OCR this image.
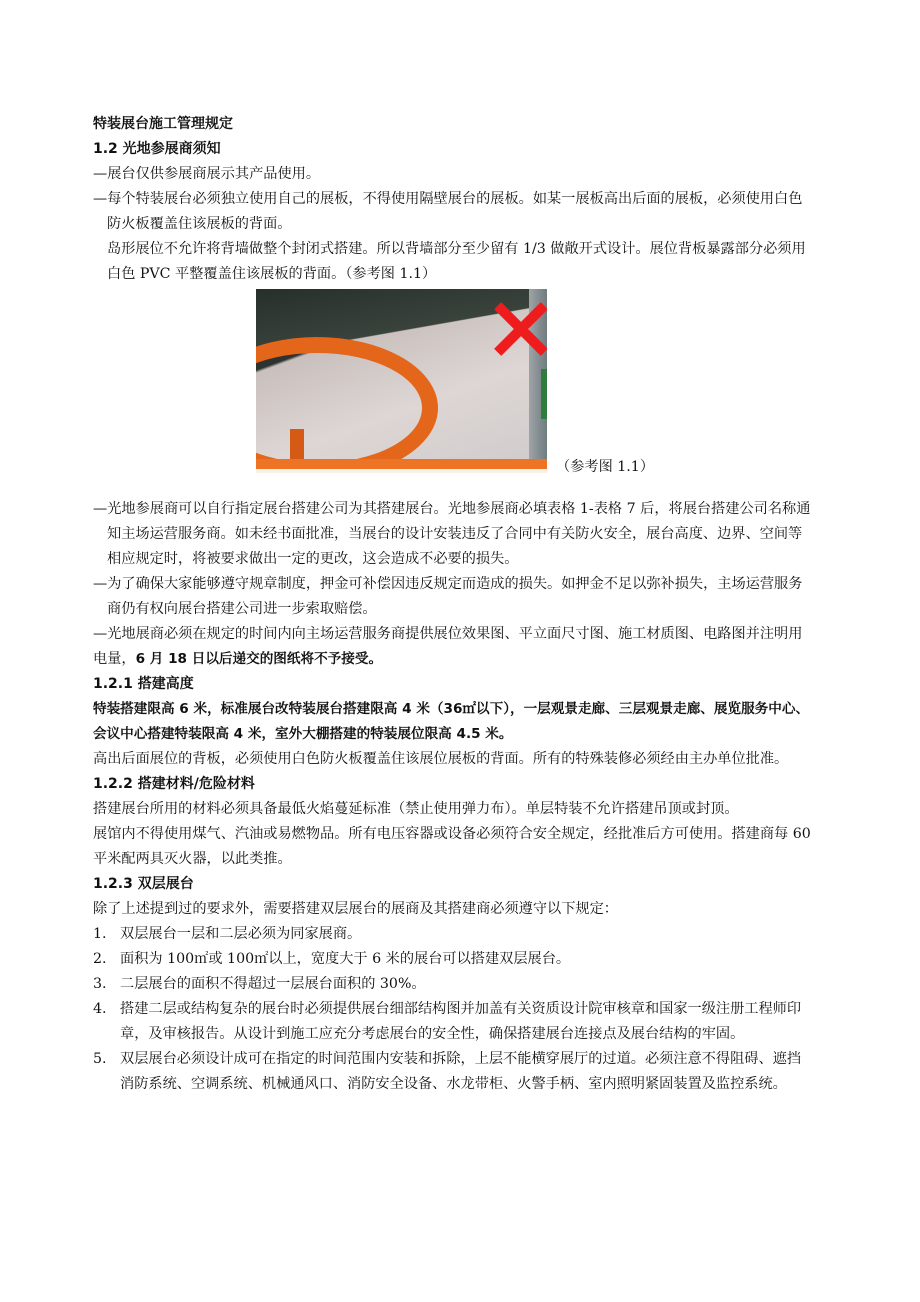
特装展台施工管理规定

1.2 光地参展商须知

—展台仅供参展商展示其产品使用。

—每个特装展台必须独立使用自己的展板，不得使用隔壁展台的展板。如某一展板高出后面的展板，必须使用白色防火板覆盖住该展板的背面。

岛形展位不允许将背墙做整个封闭式搭建。所以背墙部分至少留有 1/3 做敞开式设计。展位背板暴露部分必须用白色 PVC 平整覆盖住该展板的背面。（参考图 1.1）

（参考图 1.1）

—光地参展商可以自行指定展台搭建公司为其搭建展台。光地参展商必填表格 1-表格 7 后，将展台搭建公司名称通知主场运营服务商。如未经书面批准，当展台的设计安装违反了合同中有关防火安全，展台高度、边界、空间等相应规定时，将被要求做出一定的更改，这会造成不必要的损失。

—为了确保大家能够遵守规章制度，押金可补偿因违反规定而造成的损失。如押金不足以弥补损失，主场运营服务商仍有权向展台搭建公司进一步索取赔偿。

—光地展商必须在规定的时间内向主场运营服务商提供展位效果图、平立面尺寸图、施工材质图、电路图并注明用电量，6 月 18 日以后递交的图纸将不予接受。

1.2.1 搭建高度

特装搭建限高 6 米，标准展台改特装展台搭建限高 4 米（36㎡以下），一层观景走廊、三层观景走廊、展览服务中心、会议中心搭建特装限高 4 米，室外大棚搭建的特装展位限高 4.5 米。

高出后面展位的背板，必须使用白色防火板覆盖住该展位展板的背面。所有的特殊装修必须经由主办单位批准。

1.2.2 搭建材料/危险材料

搭建展台所用的材料必须具备最低火焰蔓延标准（禁止使用弹力布）。单层特装不允许搭建吊顶或封顶。

展馆内不得使用煤气、汽油或易燃物品。所有电压容器或设备必须符合安全规定，经批准后方可使用。搭建商每 60 平米配两具灭火器，以此类推。

1.2.3 双层展台

除了上述提到过的要求外，需要搭建双层展台的展商及其搭建商必须遵守以下规定：

1. 双层展台一层和二层必须为同家展商。
2. 面积为 100㎡或 100㎡以上，宽度大于 6 米的展台可以搭建双层展台。
3. 二层展台的面积不得超过一层展台面积的 30%。
4. 搭建二层或结构复杂的展台时必须提供展台细部结构图并加盖有关资质设计院审核章和国家一级注册工程师印章，及审核报告。从设计到施工应充分考虑展台的安全性，确保搭建展台连接点及展台结构的牢固。
5. 双层展台必须设计成可在指定的时间范围内安装和拆除，上层不能横穿展厅的过道。必须注意不得阻碍、遮挡消防系统、空调系统、机械通风口、消防安全设备、水龙带柜、火警手柄、室内照明紧固装置及监控系统。
